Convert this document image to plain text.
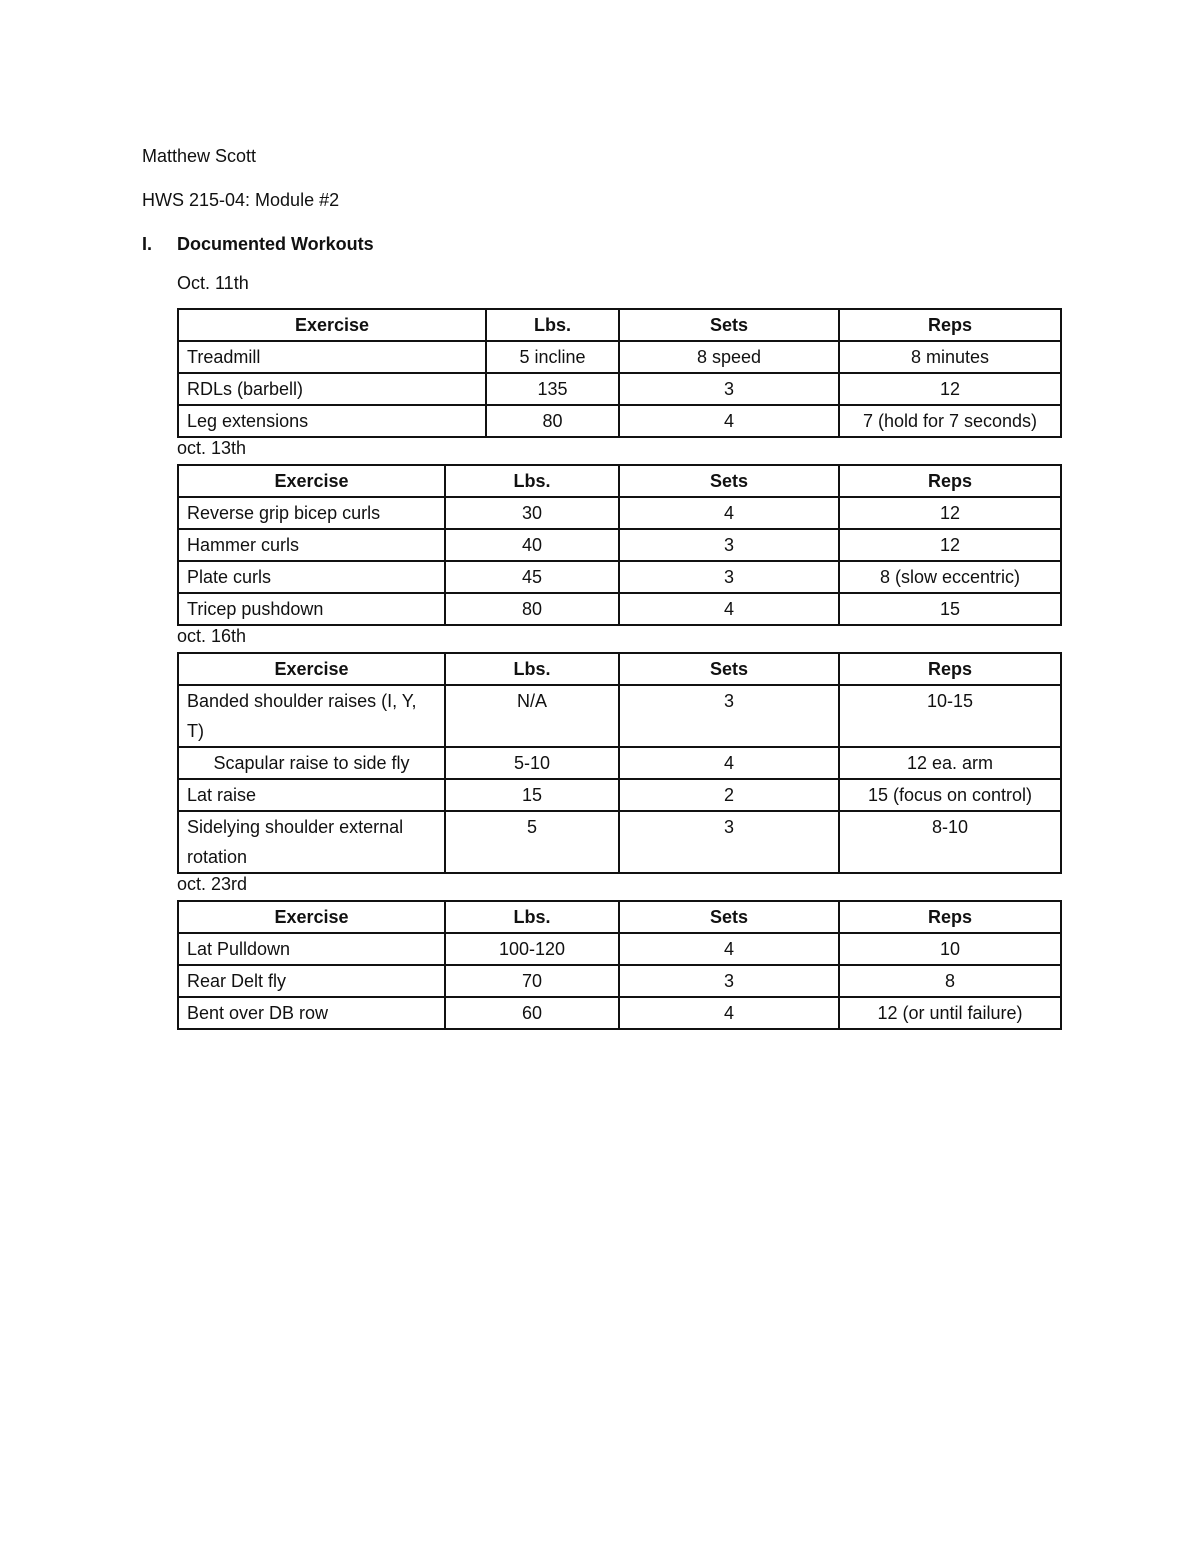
Matthew Scott
HWS 215-04: Module #2
I. Documented Workouts
Oct. 11th
Exercise	Lbs.	Sets	Reps
Treadmill	5 incline	8 speed	8 minutes
RDLs (barbell)	135	3	12
Leg extensions	80	4	7 (hold for 7 seconds)
oct. 13th
Exercise	Lbs.	Sets	Reps
Reverse grip bicep curls	30	4	12
Hammer curls	40	3	12
Plate curls	45	3	8 (slow eccentric)
Tricep pushdown	80	4	15
oct. 16th
Exercise	Lbs.	Sets	Reps
Banded shoulder raises (I, Y, T)	N/A	3	10-15
Scapular raise to side fly	5-10	4	12 ea. arm
Lat raise	15	2	15 (focus on control)
Sidelying shoulder external rotation	5	3	8-10
oct. 23rd
Exercise	Lbs.	Sets	Reps
Lat Pulldown	100-120	4	10
Rear Delt fly	70	3	8
Bent over DB row	60	4	12 (or until failure)
